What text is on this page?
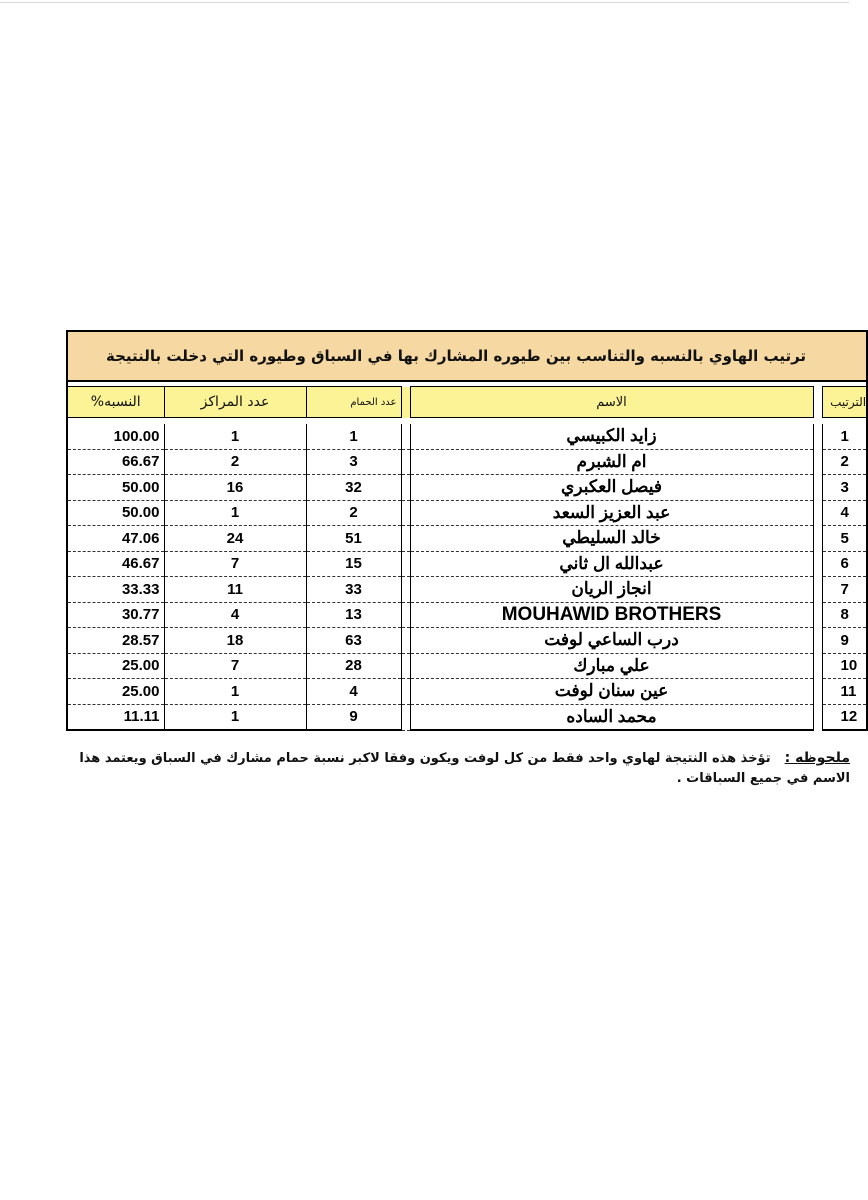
ترتيب الهاوي بالنسبه والتناسب بين طيوره المشارك بها في السباق وطيوره التي دخلت بالنتيجة						

النسبه%	عدد المراكز	عدد الحمام		الاسم		الترتيب

100.00	1	1		زايد الكبيسي		1
66.67	2	3		ام الشبرم		2
50.00	16	32		فيصل العكبري		3
50.00	1	2		عبد العزيز السعد		4
47.06	24	51		خالد السليطي		5
46.67	7	15		عبدالله ال ثاني		6
33.33	11	33		انجاز الريان		7
30.77	4	13		MOUHAWID BROTHERS		8
28.57	18	63		درب الساعي لوفت		9
25.00	7	28		علي مبارك		10
25.00	1	4		عين سنان لوفت		11
11.11	1	9		محمد الساده		12
ملحوظه :تؤخذ هذه النتيجة لهاوي واحد فقط من كل لوفت ويكون وفقا لاكبر نسبة حمام مشارك في السباق ويعتمد هذا الاسم في جميع السباقات .
